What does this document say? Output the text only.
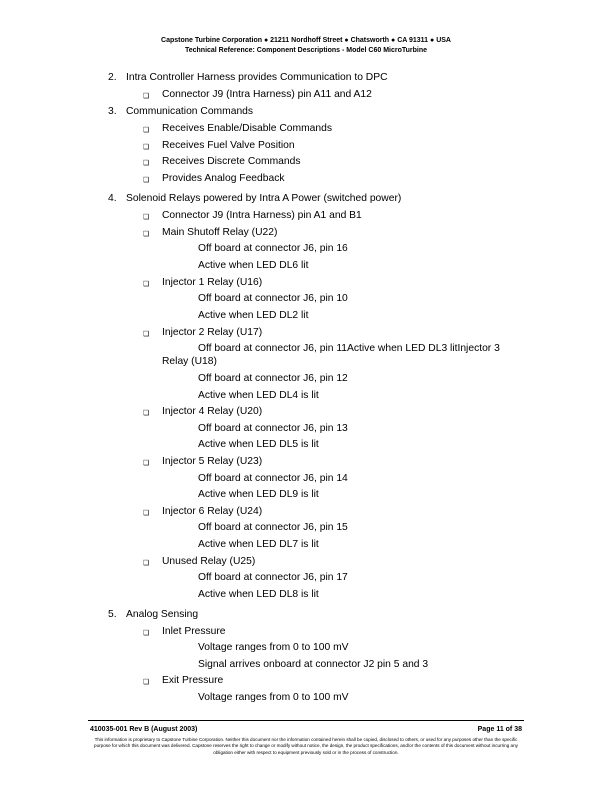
Capstone Turbine Corporation ● 21211 Nordhoff Street ● Chatsworth ● CA 91311 ● USA
Technical Reference: Component Descriptions - Model C60 MicroTurbine
2. Intra Controller Harness provides Communication to DPC
❏ Connector J9 (Intra Harness) pin A11 and A12
3. Communication Commands
❏ Receives Enable/Disable Commands
❏ Receives Fuel Valve Position
❏ Receives Discrete Commands
❏ Provides Analog Feedback
4. Solenoid Relays powered by Intra A Power (switched power)
❏ Connector J9 (Intra Harness) pin A1 and B1
❏ Main Shutoff Relay (U22)
Off board at connector J6, pin 16
Active when LED DL6 lit
❏ Injector 1 Relay (U16)
Off board at connector J6, pin 10
Active when LED DL2 lit
❏ Injector 2 Relay (U17)
Off board at connector J6, pin 11Active when LED DL3 litInjector 3
Relay (U18)
Off board at connector J6, pin 12
Active when LED DL4 is lit
❏ Injector 4 Relay (U20)
Off board at connector J6, pin 13
Active when LED DL5 is lit
❏ Injector 5 Relay (U23)
Off board at connector J6, pin 14
Active when LED DL9 is lit
❏ Injector 6 Relay (U24)
Off board at connector J6, pin 15
Active when LED DL7 is lit
❏ Unused Relay (U25)
Off board at connector J6, pin 17
Active when LED DL8 is lit
5. Analog Sensing
❏ Inlet Pressure
Voltage ranges from 0 to 100 mV
Signal arrives onboard at connector J2 pin 5 and 3
❏ Exit Pressure
Voltage ranges from 0 to 100 mV
410035-001 Rev B (August 2003)	Page 11 of 38
This information is proprietary to Capstone Turbine Corporation. Neither this document nor the information contained herein shall be copied, disclosed to others, or used for any purposes other than the specific purpose for which this document was delivered. Capstone reserves the right to change or modify without notice, the design, the product specifications, and/or the contents of this document without incurring any obligation either with respect to equipment previously sold or in the process of construction.
